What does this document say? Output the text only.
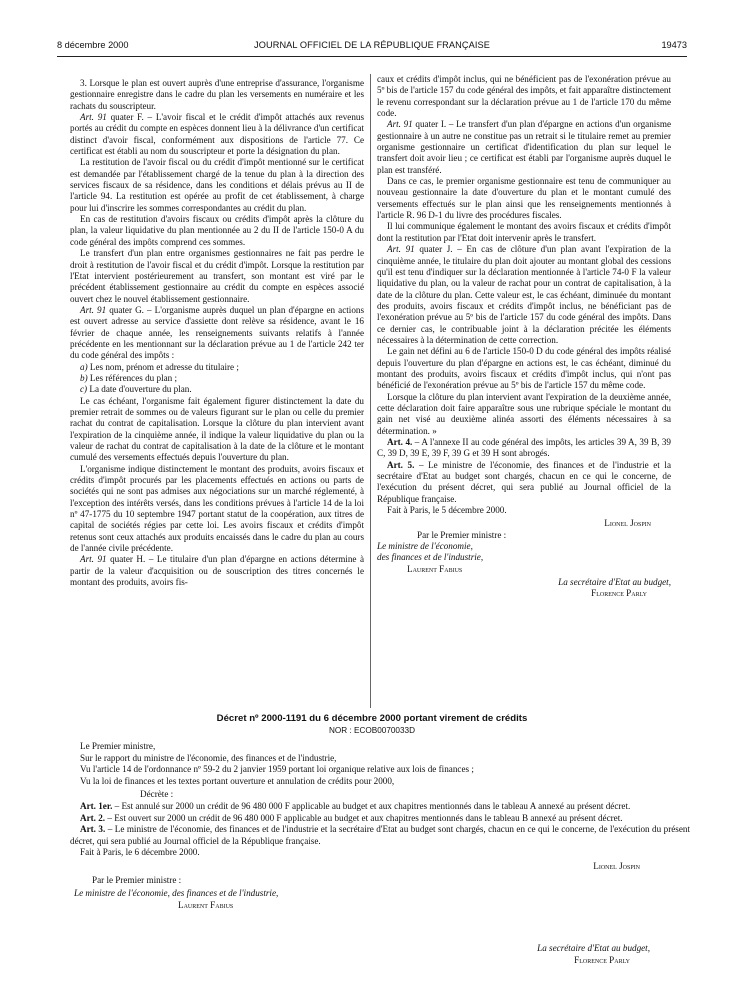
8 décembre 2000	JOURNAL OFFICIEL DE LA RÉPUBLIQUE FRANÇAISE	19473

3. Lorsque le plan est ouvert auprès d'une entreprise d'assurance, l'organisme gestionnaire enregistre dans le cadre du plan les versements en numéraire et les rachats du souscripteur.

Art. 91 quater F. – L'avoir fiscal et le crédit d'impôt attachés aux revenus portés au crédit du compte en espèces donnent lieu à la délivrance d'un certificat distinct d'avoir fiscal, conformément aux dispositions de l'article 77. Ce certificat est établi au nom du souscripteur et porte la désignation du plan.

La restitution de l'avoir fiscal ou du crédit d'impôt mentionné sur le certificat est demandée par l'établissement chargé de la tenue du plan à la direction des services fiscaux de sa résidence, dans les conditions et délais prévus au II de l'article 94. La restitution est opérée au profit de cet établissement, à charge pour lui d'inscrire les sommes correspondantes au crédit du plan.

En cas de restitution d'avoirs fiscaux ou crédits d'impôt après la clôture du plan, la valeur liquidative du plan mentionnée au 2 du II de l'article 150-0 A du code général des impôts comprend ces sommes.

Le transfert d'un plan entre organismes gestionnaires ne fait pas perdre le droit à restitution de l'avoir fiscal et du crédit d'impôt. Lorsque la restitution par l'Etat intervient postérieurement au transfert, son montant est viré par le précédent établissement gestionnaire au crédit du compte en espèces associé ouvert chez le nouvel établissement gestionnaire.

Art. 91 quater G. – L'organisme auprès duquel un plan d'épargne en actions est ouvert adresse au service d'assiette dont relève sa résidence, avant le 16 février de chaque année, les renseignements suivants relatifs à l'année précédente en les mentionnant sur la déclaration prévue au 1 de l'article 242 ter du code général des impôts :

a) Les nom, prénom et adresse du titulaire ;

b) Les références du plan ;

c) La date d'ouverture du plan.

Le cas échéant, l'organisme fait également figurer distinctement la date du premier retrait de sommes ou de valeurs figurant sur le plan ou celle du premier rachat du contrat de capitalisation. Lorsque la clôture du plan intervient avant l'expiration de la cinquième année, il indique la valeur liquidative du plan ou la valeur de rachat du contrat de capitalisation à la date de la clôture et le montant cumulé des versements effectués depuis l'ouverture du plan.

L'organisme indique distinctement le montant des produits, avoirs fiscaux et crédits d'impôt procurés par les placements effectués en actions ou parts de sociétés qui ne sont pas admises aux négociations sur un marché réglementé, à l'exception des intérêts versés, dans les conditions prévues à l'article 14 de la loi nº 47-1775 du 10 septembre 1947 portant statut de la coopération, aux titres de capital de sociétés régies par cette loi. Les avoirs fiscaux et crédits d'impôt retenus sont ceux attachés aux produits encaissés dans le cadre du plan au cours de l'année civile précédente.

Art. 91 quater H. – Le titulaire d'un plan d'épargne en actions détermine à partir de la valeur d'acquisition ou de souscription des titres concernés le montant des produits, avoirs fis-

caux et crédits d'impôt inclus, qui ne bénéficient pas de l'exonération prévue au 5º bis de l'article 157 du code général des impôts, et fait apparaître distinctement le revenu correspondant sur la déclaration prévue au 1 de l'article 170 du même code.

Art. 91 quater I. – Le transfert d'un plan d'épargne en actions d'un organisme gestionnaire à un autre ne constitue pas un retrait si le titulaire remet au premier organisme gestionnaire un certificat d'identification du plan sur lequel le transfert doit avoir lieu ; ce certificat est établi par l'organisme auprès duquel le plan est transféré.

Dans ce cas, le premier organisme gestionnaire est tenu de communiquer au nouveau gestionnaire la date d'ouverture du plan et le montant cumulé des versements effectués sur le plan ainsi que les renseignements mentionnés à l'article R. 96 D-1 du livre des procédures fiscales.

Il lui communique également le montant des avoirs fiscaux et crédits d'impôt dont la restitution par l'Etat doit intervenir après le transfert.

Art. 91 quater J. – En cas de clôture d'un plan avant l'expiration de la cinquième année, le titulaire du plan doit ajouter au montant global des cessions qu'il est tenu d'indiquer sur la déclaration mentionnée à l'article 74-0 F la valeur liquidative du plan, ou la valeur de rachat pour un contrat de capitalisation, à la date de la clôture du plan. Cette valeur est, le cas échéant, diminuée du montant des produits, avoirs fiscaux et crédits d'impôt inclus, ne bénéficiant pas de l'exonération prévue au 5º bis de l'article 157 du code général des impôts. Dans ce dernier cas, le contribuable joint à la déclaration précitée les éléments nécessaires à la détermination de cette correction.

Le gain net défini au 6 de l'article 150-0 D du code général des impôts réalisé depuis l'ouverture du plan d'épargne en actions est, le cas échéant, diminué du montant des produits, avoirs fiscaux et crédits d'impôt inclus, qui n'ont pas bénéficié de l'exonération prévue au 5º bis de l'article 157 du même code.

Lorsque la clôture du plan intervient avant l'expiration de la deuxième année, cette déclaration doit faire apparaître sous une rubrique spéciale le montant du gain net visé au deuxième alinéa assorti des éléments nécessaires à sa détermination. »

Art. 4. – A l'annexe II au code général des impôts, les articles 39 A, 39 B, 39 C, 39 D, 39 E, 39 F, 39 G et 39 H sont abrogés.

Art. 5. – Le ministre de l'économie, des finances et de l'industrie et la secrétaire d'Etat au budget sont chargés, chacun en ce qui le concerne, de l'exécution du présent décret, qui sera publié au Journal officiel de la République française.

Fait à Paris, le 5 décembre 2000.

Lionel Jospin

Par le Premier ministre :

Le ministre de l'économie,

des finances et de l'industrie,

Laurent Fabius

La secrétaire d'Etat au budget,

Florence Parly

Décret nº 2000-1191 du 6 décembre 2000 portant virement de crédits
NOR : ECOB0070033D

Le Premier ministre,

Sur le rapport du ministre de l'économie, des finances et de l'industrie,

Vu l'article 14 de l'ordonnance nº 59-2 du 2 janvier 1959 portant loi organique relative aux lois de finances ;

Vu la loi de finances et les textes portant ouverture et annulation de crédits pour 2000,

Décrète :

Art. 1er. – Est annulé sur 2000 un crédit de 96 480 000 F applicable au budget et aux chapitres mentionnés dans le tableau A annexé au présent décret.

Art. 2. – Est ouvert sur 2000 un crédit de 96 480 000 F applicable au budget et aux chapitres mentionnés dans le tableau B annexé au présent décret.

Art. 3. – Le ministre de l'économie, des finances et de l'industrie et la secrétaire d'Etat au budget sont chargés, chacun en ce qui le concerne, de l'exécution du présent décret, qui sera publié au Journal officiel de la République française.

Fait à Paris, le 6 décembre 2000.

Lionel Jospin
Par le Premier ministre :
Le ministre de l'économie, des finances et de l'industrie,
Laurent Fabius
La secrétaire d'Etat au budget,
Florence Parly
